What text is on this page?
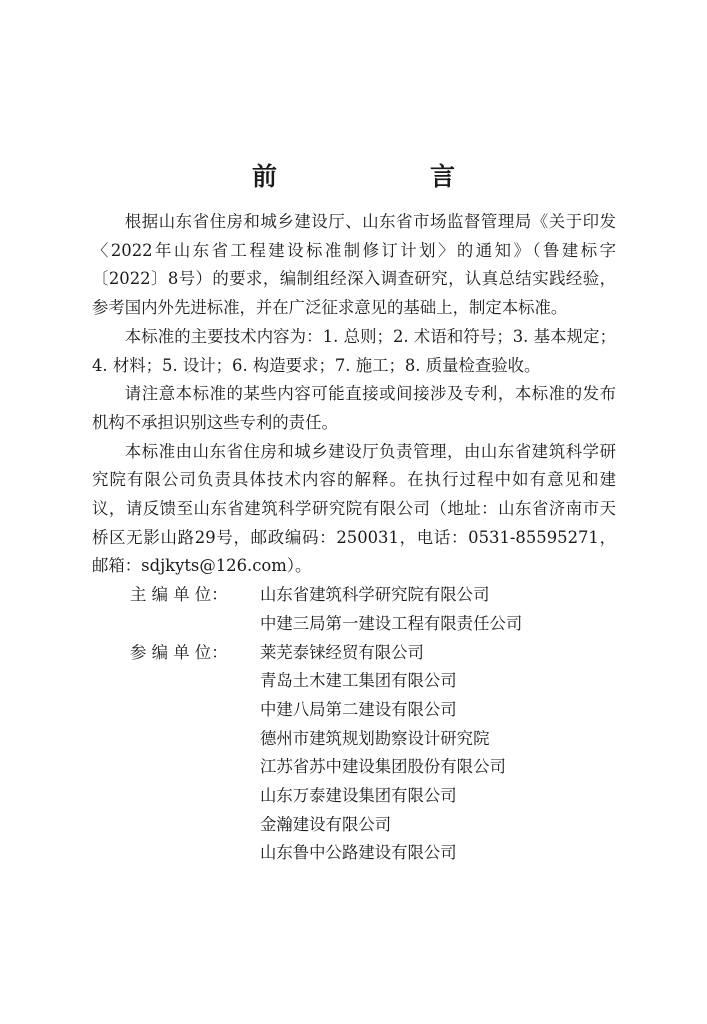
前　言

根据山东省住房和城乡建设厅、山东省市场监督管理局《关于印发〈2022年山东省工程建设标准制修订计划〉的通知》（鲁建标字〔2022〕8号）的要求，编制组经深入调查研究，认真总结实践经验，参考国内外先进标准，并在广泛征求意见的基础上，制定本标准。

本标准的主要技术内容为：1. 总则；2. 术语和符号；3. 基本规定；4. 材料；5. 设计；6. 构造要求；7. 施工；8. 质量检查验收。

请注意本标准的某些内容可能直接或间接涉及专利，本标准的发布机构不承担识别这些专利的责任。

本标准由山东省住房和城乡建设厅负责管理，由山东省建筑科学研究院有限公司负责具体技术内容的解释。在执行过程中如有意见和建议，请反馈至山东省建筑科学研究院有限公司（地址：山东省济南市天桥区无影山路29号，邮政编码：250031，电话：0531-85595271，邮箱：sdjkyts@126.com）。

主 编 单 位：	山东省建筑科学研究院有限公司
中建三局第一建设工程有限责任公司
参 编 单 位：	莱芜泰铼经贸有限公司
青岛土木建工集团有限公司
中建八局第二建设有限公司
德州市建筑规划勘察设计研究院
江苏省苏中建设集团股份有限公司
山东万泰建设集团有限公司
金瀚建设有限公司
山东鲁中公路建设有限公司
